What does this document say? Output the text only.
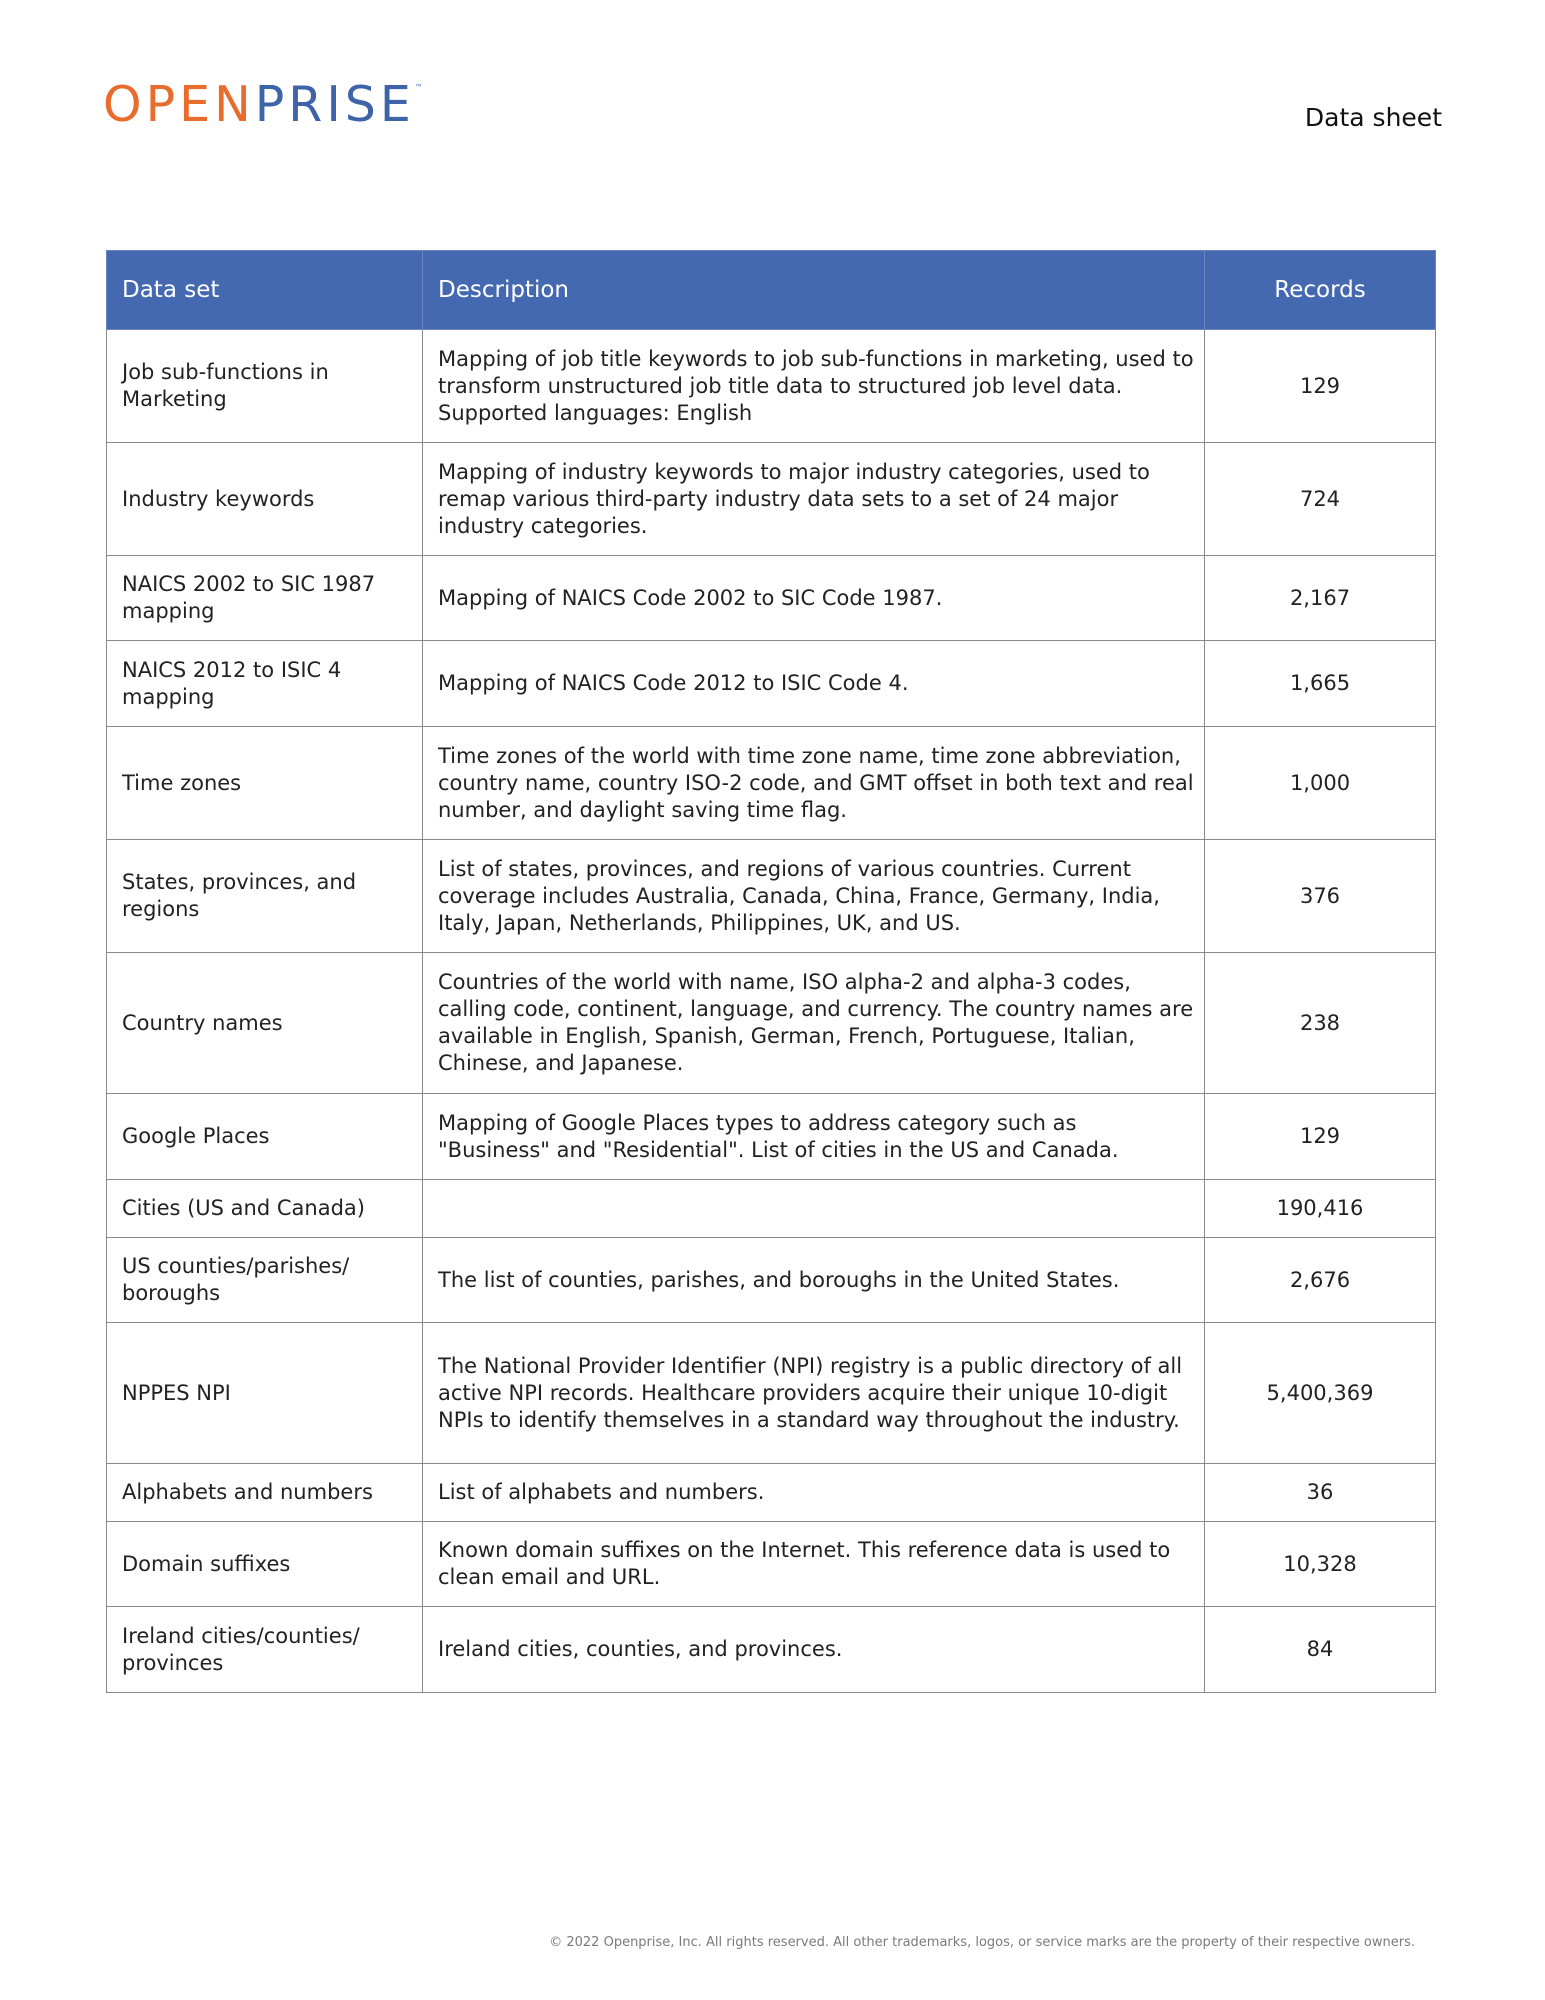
OPENPRISE™
Data sheet
Data set	Description	Records
Job sub-functions in Marketing	Mapping of job title keywords to job sub-functions in marketing, used to transform unstructured job title data to structured job level data. Supported languages: English	129
Industry keywords	Mapping of industry keywords to major industry categories, used to remap various third-party industry data sets to a set of 24 major industry categories.	724
NAICS 2002 to SIC 1987 mapping	Mapping of NAICS Code 2002 to SIC Code 1987.	2,167
NAICS 2012 to ISIC 4 mapping	Mapping of NAICS Code 2012 to ISIC Code 4.	1,665
Time zones	Time zones of the world with time zone name, time zone abbreviation, country name, country ISO-2 code, and GMT offset in both text and real number, and daylight saving time flag.	1,000
States, provinces, and regions	List of states, provinces, and regions of various countries. Current coverage includes Australia, Canada, China, France, Germany, India, Italy, Japan, Netherlands, Philippines, UK, and US.	376
Country names	Countries of the world with name, ISO alpha-2 and alpha-3 codes, calling code, continent, language, and currency. The country names are available in English, Spanish, German, French, Portuguese, Italian, Chinese, and Japanese.	238
Google Places	Mapping of Google Places types to address category such as "Business" and "Residential". List of cities in the US and Canada.	129
Cities (US and Canada)		190,416
US counties/parishes/ boroughs	The list of counties, parishes, and boroughs in the United States.	2,676
NPPES NPI	The National Provider Identifier (NPI) registry is a public directory of all active NPI records. Healthcare providers acquire their unique 10-digit NPIs to identify themselves in a standard way throughout the industry.	5,400,369
Alphabets and numbers	List of alphabets and numbers.	36
Domain suffixes	Known domain suffixes on the Internet. This reference data is used to clean email and URL.	10,328
Ireland cities/counties/ provinces	Ireland cities, counties, and provinces.	84
© 2022 Openprise, Inc. All rights reserved. All other trademarks, logos, or service marks are the property of their respective owners.
